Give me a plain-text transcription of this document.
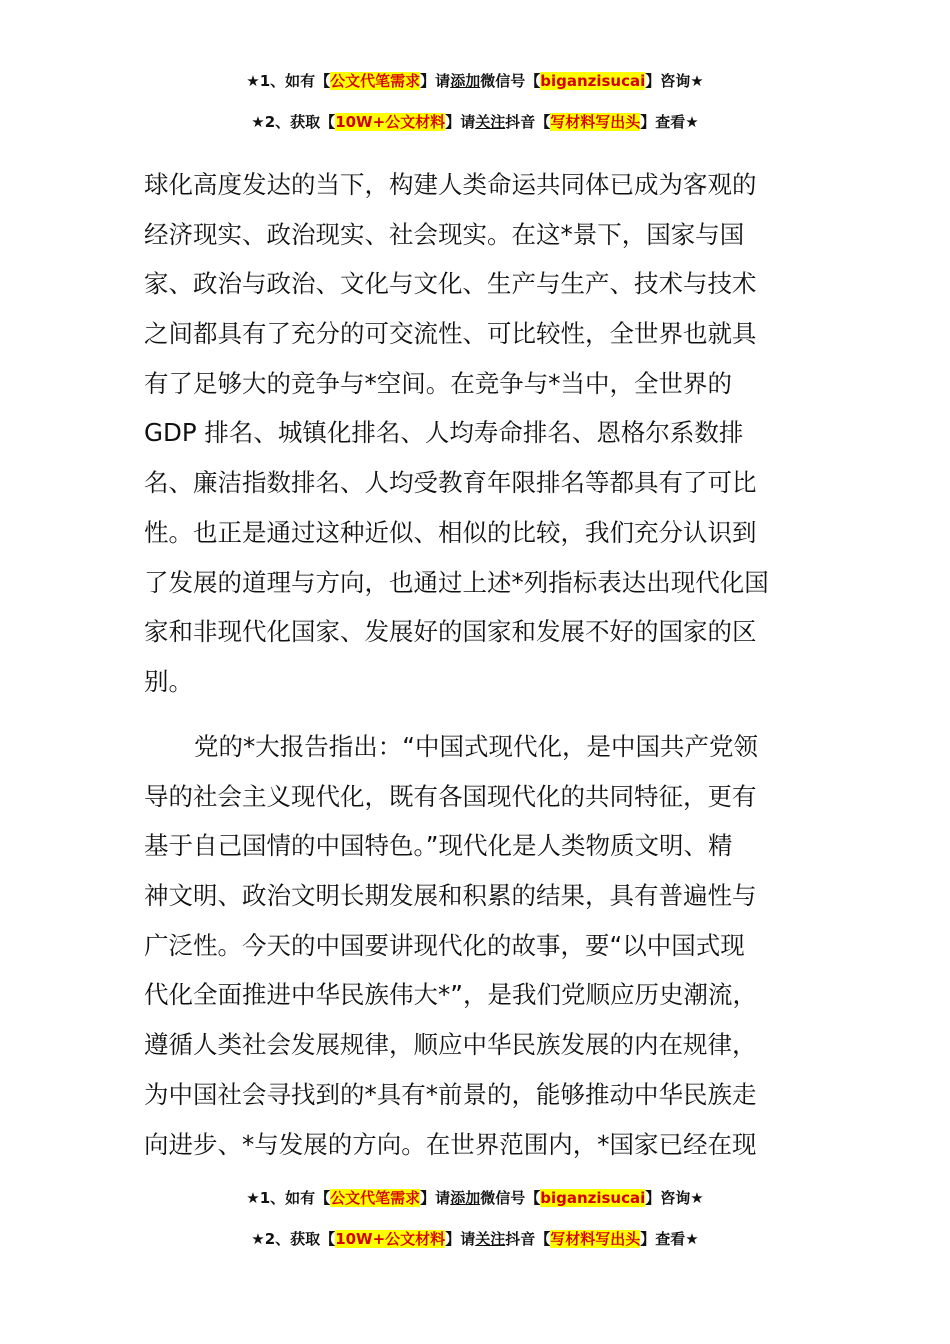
★1、如有【公文代笔需求】请添加微信号【biganzisucai】咨询★
★2、获取【10W+公文材料】请关注抖音【写材料写出头】查看★
球化高度发达的当下，构建人类命运共同体已成为客观的
经济现实、政治现实、社会现实。在这*景下，国家与国
家、政治与政治、文化与文化、生产与生产、技术与技术
之间都具有了充分的可交流性、可比较性，全世界也就具
有了足够大的竞争与*空间。在竞争与*当中，全世界的
GDP 排名、城镇化排名、人均寿命排名、恩格尔系数排
名、廉洁指数排名、人均受教育年限排名等都具有了可比
性。也正是通过这种近似、相似的比较，我们充分认识到
了发展的道理与方向，也通过上述*列指标表达出现代化国
家和非现代化国家、发展好的国家和发展不好的国家的区
别。
党的*大报告指出：“中国式现代化，是中国共产党领
导的社会主义现代化，既有各国现代化的共同特征，更有
基于自己国情的中国特色。”现代化是人类物质文明、精
神文明、政治文明长期发展和积累的结果，具有普遍性与
广泛性。今天的中国要讲现代化的故事，要“以中国式现
代化全面推进中华民族伟大*”，是我们党顺应历史潮流，
遵循人类社会发展规律，顺应中华民族发展的内在规律，
为中国社会寻找到的*具有*前景的，能够推动中华民族走
向进步、*与发展的方向。在世界范围内，*国家已经在现
★1、如有【公文代笔需求】请添加微信号【biganzisucai】咨询★
★2、获取【10W+公文材料】请关注抖音【写材料写出头】查看★
